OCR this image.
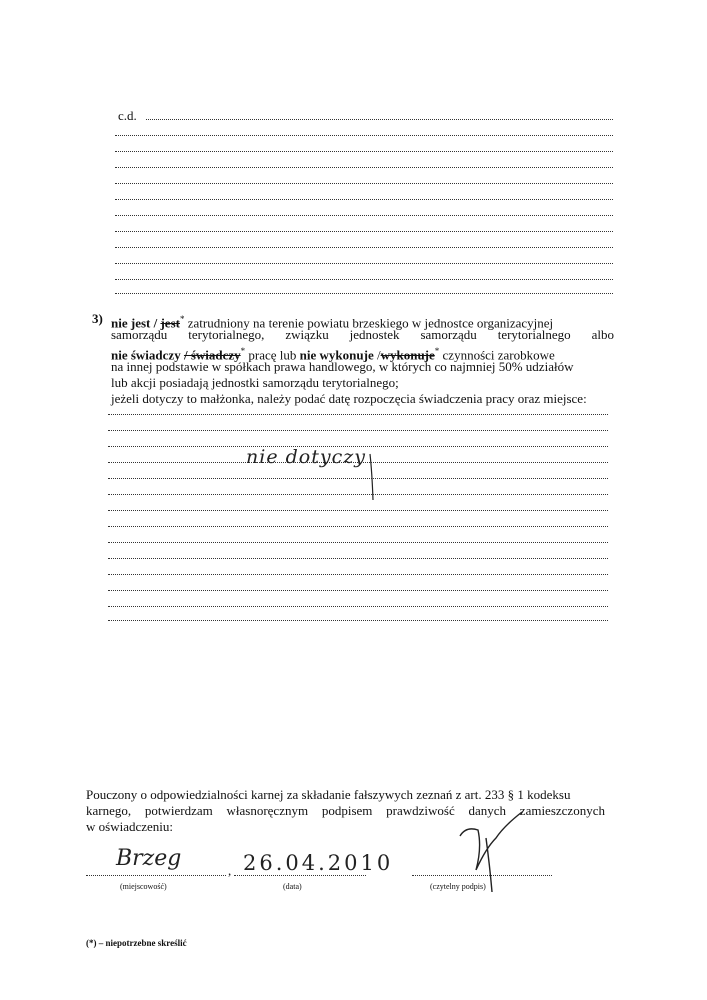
c.d.
3) nie jest / jest* zatrudniony na terenie powiatu brzeskiego w jednostce organizacyjnej
samorządu terytorialnego, związku jednostek samorządu terytorialnego albo
nie świadczy / świadczy* pracę lub nie wykonuje /wykonuje* czynności zarobkowe
na innej podstawie w spółkach prawa handlowego, w których co najmniej 50% udziałów
lub akcji posiadają jednostki samorządu terytorialnego;
jeżeli dotyczy to małżonka, należy podać datę rozpoczęcia świadczenia pracy oraz miejsce:
nie dotyczy
Pouczony o odpowiedzialności karnej za składanie fałszywych zeznań z art. 233 § 1 kodeksu
karnego, potwierdzam własnoręcznym podpisem prawdziwość danych zamieszczonych
w oświadczeniu:
Brzeg
(miejscowość)
, 26.04.2010
(data)	(czytelny podpis)
(*) – niepotrzebne skreślić
